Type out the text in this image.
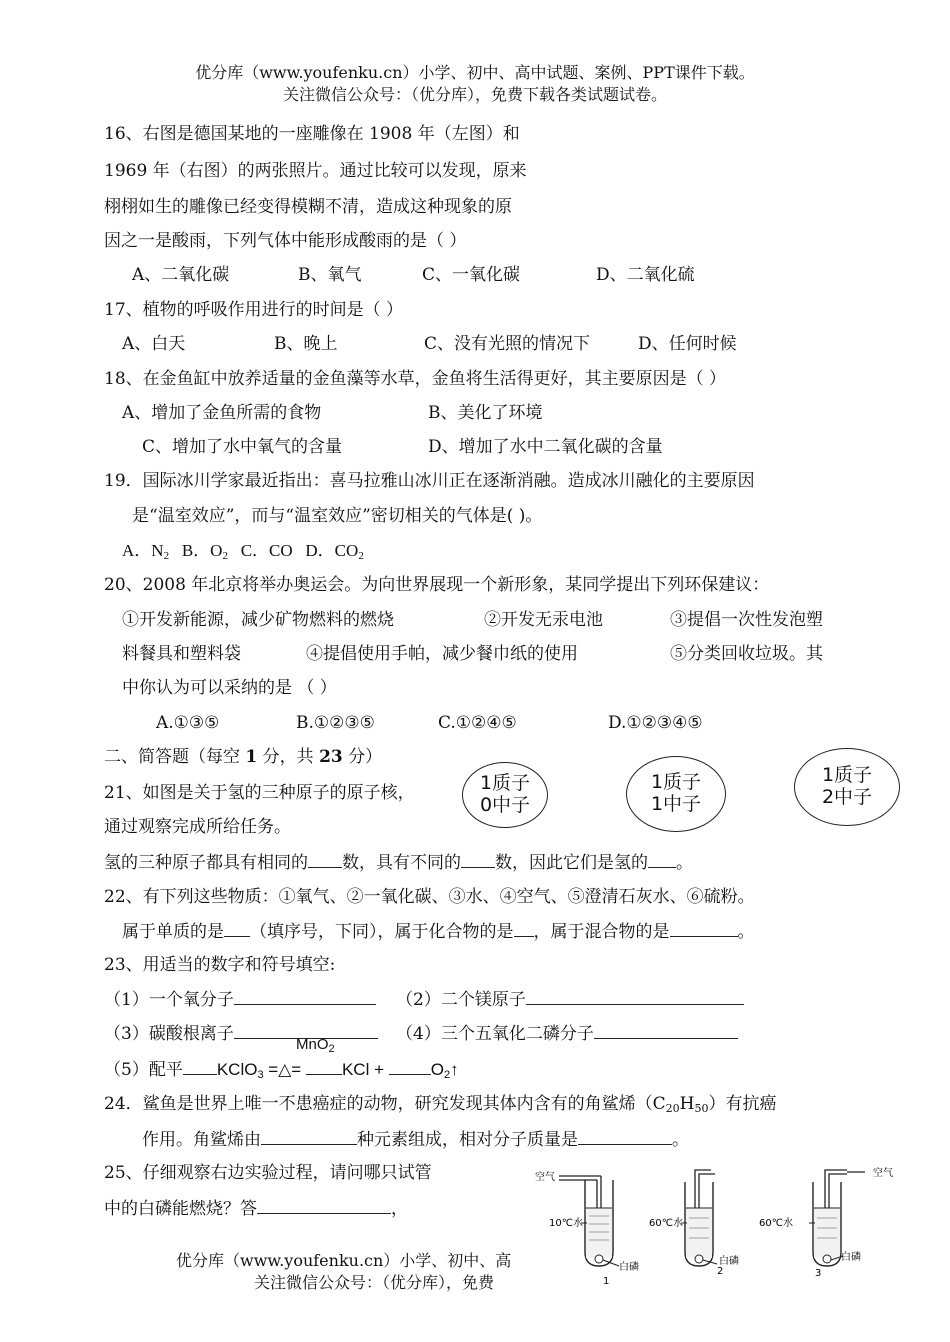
优分库（www.youfenku.cn）小学、初中、高中试题、案例、PPT课件下载。
关注微信公众号：（优分库），免费下载各类试题试卷。
16、右图是德国某地的一座雕像在 1908 年（左图）和
1969 年（右图）的两张照片。通过比较可以发现，原来
栩栩如生的雕像已经变得模糊不清，造成这种现象的原
因之一是酸雨，下列气体中能形成酸雨的是（ ）
A、二氧化碳	B、氧气	C、一氧化碳	D、二氧化硫
17、植物的呼吸作用进行的时间是（ ）
A、白天	B、晚上	C、没有光照的情况下	D、任何时候
18、在金鱼缸中放养适量的金鱼藻等水草，金鱼将生活得更好，其主要原因是（ ）
A、增加了金鱼所需的食物	B、美化了环境
C、增加了水中氧气的含量	D、增加了水中二氧化碳的含量
19．国际冰川学家最近指出：喜马拉雅山冰川正在逐渐消融。造成冰川融化的主要原因
是“温室效应”，而与“温室效应”密切相关的气体是( )。
A．$N_2$ B．$O_2$ C．CO D．$CO_2$
20、2008 年北京将举办奥运会。为向世界展现一个新形象，某同学提出下列环保建议：
①开发新能源，减少矿物燃料的燃烧	②开发无汞电池	③提倡一次性发泡塑
料餐具和塑料袋	④提倡使用手帕，减少餐巾纸的使用	⑤分类回收垃圾。其
中你认为可以采纳的是 （ ）
A.①③⑤	B.①②③⑤	C.①②④⑤	D.①②③④⑤
二、简答题（每空 1 分，共 23 分）
21、如图是关于氢的三种原子的原子核，
通过观察完成所给任务。
1质子
0中子
1质子
1中子
1质子
2中子
氢的三种原子都具有相同的 数，具有不同的 数，因此它们是氢的 。
22、有下列这些物质：①氧气、②一氧化碳、③水、④空气、⑤澄清石灰水、⑥硫粉。
属于单质的是 （填序号，下同），属于化合物的是 ，属于混合物的是	。
23、用适当的数字和符号填空:
（1）一个氧分子	（2）二个镁原子
（3）碳酸根离子	（4）三个五氧化二磷分子
MnO$_2$
（5）配平 KClO$_3$ =△= KCl +	$O_2↑$
24．鲨鱼是世界上唯一不患癌症的动物，研究发现其体内含有的角鲨烯$(C_{20}H_{50})$有抗癌
作用。角鲨烯由	种元素组成，相对分子质量是	。
25、仔细观察右边实验过程，请问哪只试管
中的白磷能燃烧？答	，
空气
10℃水
白磷
1
60℃水
白磷
2
空气
60℃水
白磷
3
优分库（www.youfenku.cn）小学、初中、高
关注微信公众号：（优分库），免费
